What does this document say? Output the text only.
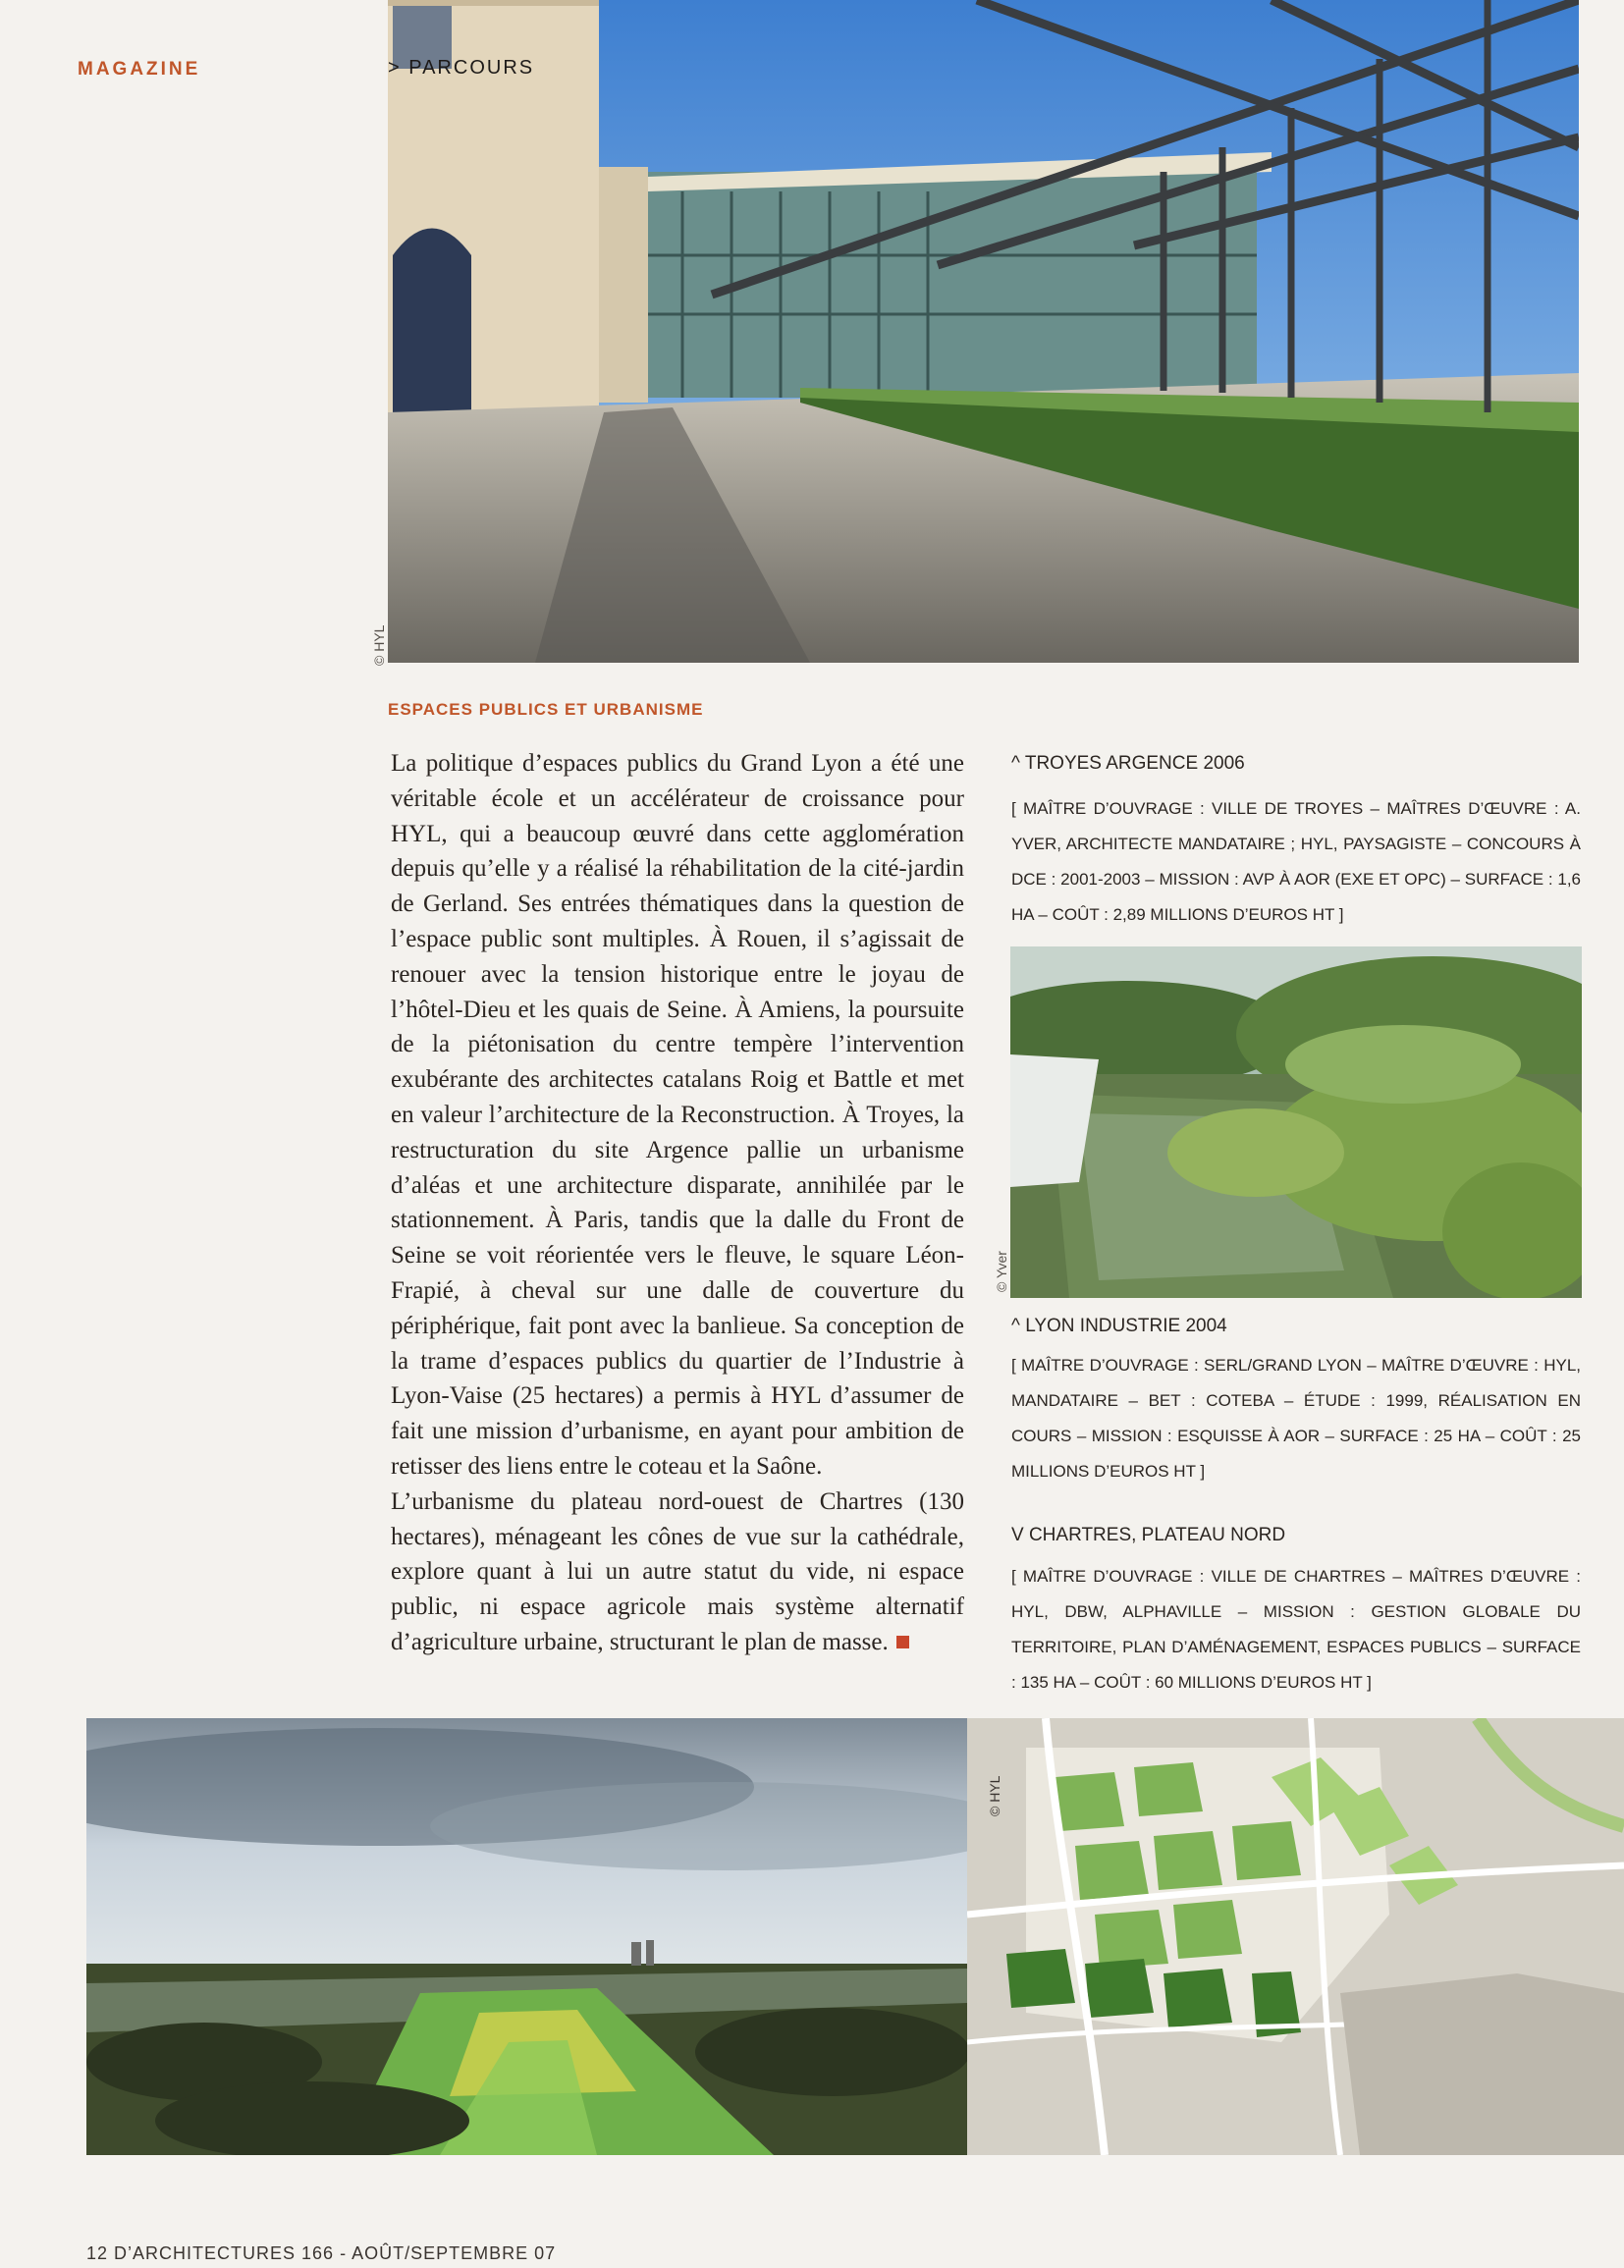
MAGAZINE	> PARCOURS
© HYL
ESPACES PUBLICS ET URBANISME

La politique d’espaces publics du Grand Lyon a été une véritable école et un accélérateur de croissance pour HYL, qui a beaucoup œuvré dans cette agglomération depuis qu’elle y a réalisé la réhabilitation de la cité-jardin de Gerland. Ses entrées thématiques dans la question de l’espace public sont multiples. À Rouen, il s’agissait de renouer avec la tension historique entre le joyau de l’hôtel-Dieu et les quais de Seine. À Amiens, la poursuite de la piétonisation du centre tempère l’intervention exubérante des architectes catalans Roig et Battle et met en valeur l’architecture de la Reconstruction. À Troyes, la restructuration du site Argence pallie un urbanisme d’aléas et une architecture disparate, annihilée par le stationnement. À Paris, tandis que la dalle du Front de Seine se voit réorientée vers le fleuve, le square Léon-Frapié, à cheval sur une dalle de couverture du périphérique, fait pont avec la banlieue. Sa conception de la trame d’espaces publics du quartier de l’Industrie à Lyon-Vaise (25 hectares) a permis à HYL d’assumer de fait une mission d’urbanisme, en ayant pour ambition de retisser des liens entre le coteau et la Saône.

L’urbanisme du plateau nord-ouest de Chartres (130 hectares), ménageant les cônes de vue sur la cathédrale, explore quant à lui un autre statut du vide, ni espace public, ni espace agricole mais système alternatif d’agriculture urbaine, structurant le plan de masse.

^ TROYES ARGENCE 2006
[ MAÎTRE D’OUVRAGE : VILLE DE TROYES – MAÎTRES D’ŒUVRE : A. YVER, ARCHITECTE MANDATAIRE ; HYL, PAYSAGISTE – CONCOURS À DCE : 2001-2003 – MISSION : AVP À AOR (EXE ET OPC) – SURFACE : 1,6 HA – COÛT : 2,89 MILLIONS D’EUROS HT ]
© Yver
^ LYON INDUSTRIE 2004
[ MAÎTRE D’OUVRAGE : SERL/GRAND LYON – MAÎTRE D’ŒUVRE : HYL, MANDATAIRE – BET : COTEBA – ÉTUDE : 1999, RÉALISATION EN COURS – MISSION : ESQUISSE À AOR – SURFACE : 25 HA – COÛT : 25 MILLIONS D’EUROS HT ]
V CHARTRES, PLATEAU NORD
[ MAÎTRE D’OUVRAGE : VILLE DE CHARTRES – MAÎTRES D’ŒUVRE : HYL, DBW, ALPHAVILLE – MISSION : GESTION GLOBALE DU TERRITOIRE, PLAN D’AMÉNAGEMENT, ESPACES PUBLICS – SURFACE : 135 HA – COÛT : 60 MILLIONS D’EUROS HT ]
© HYL
12 D’ARCHITECTURES 166 - AOÛT/SEPTEMBRE 07
